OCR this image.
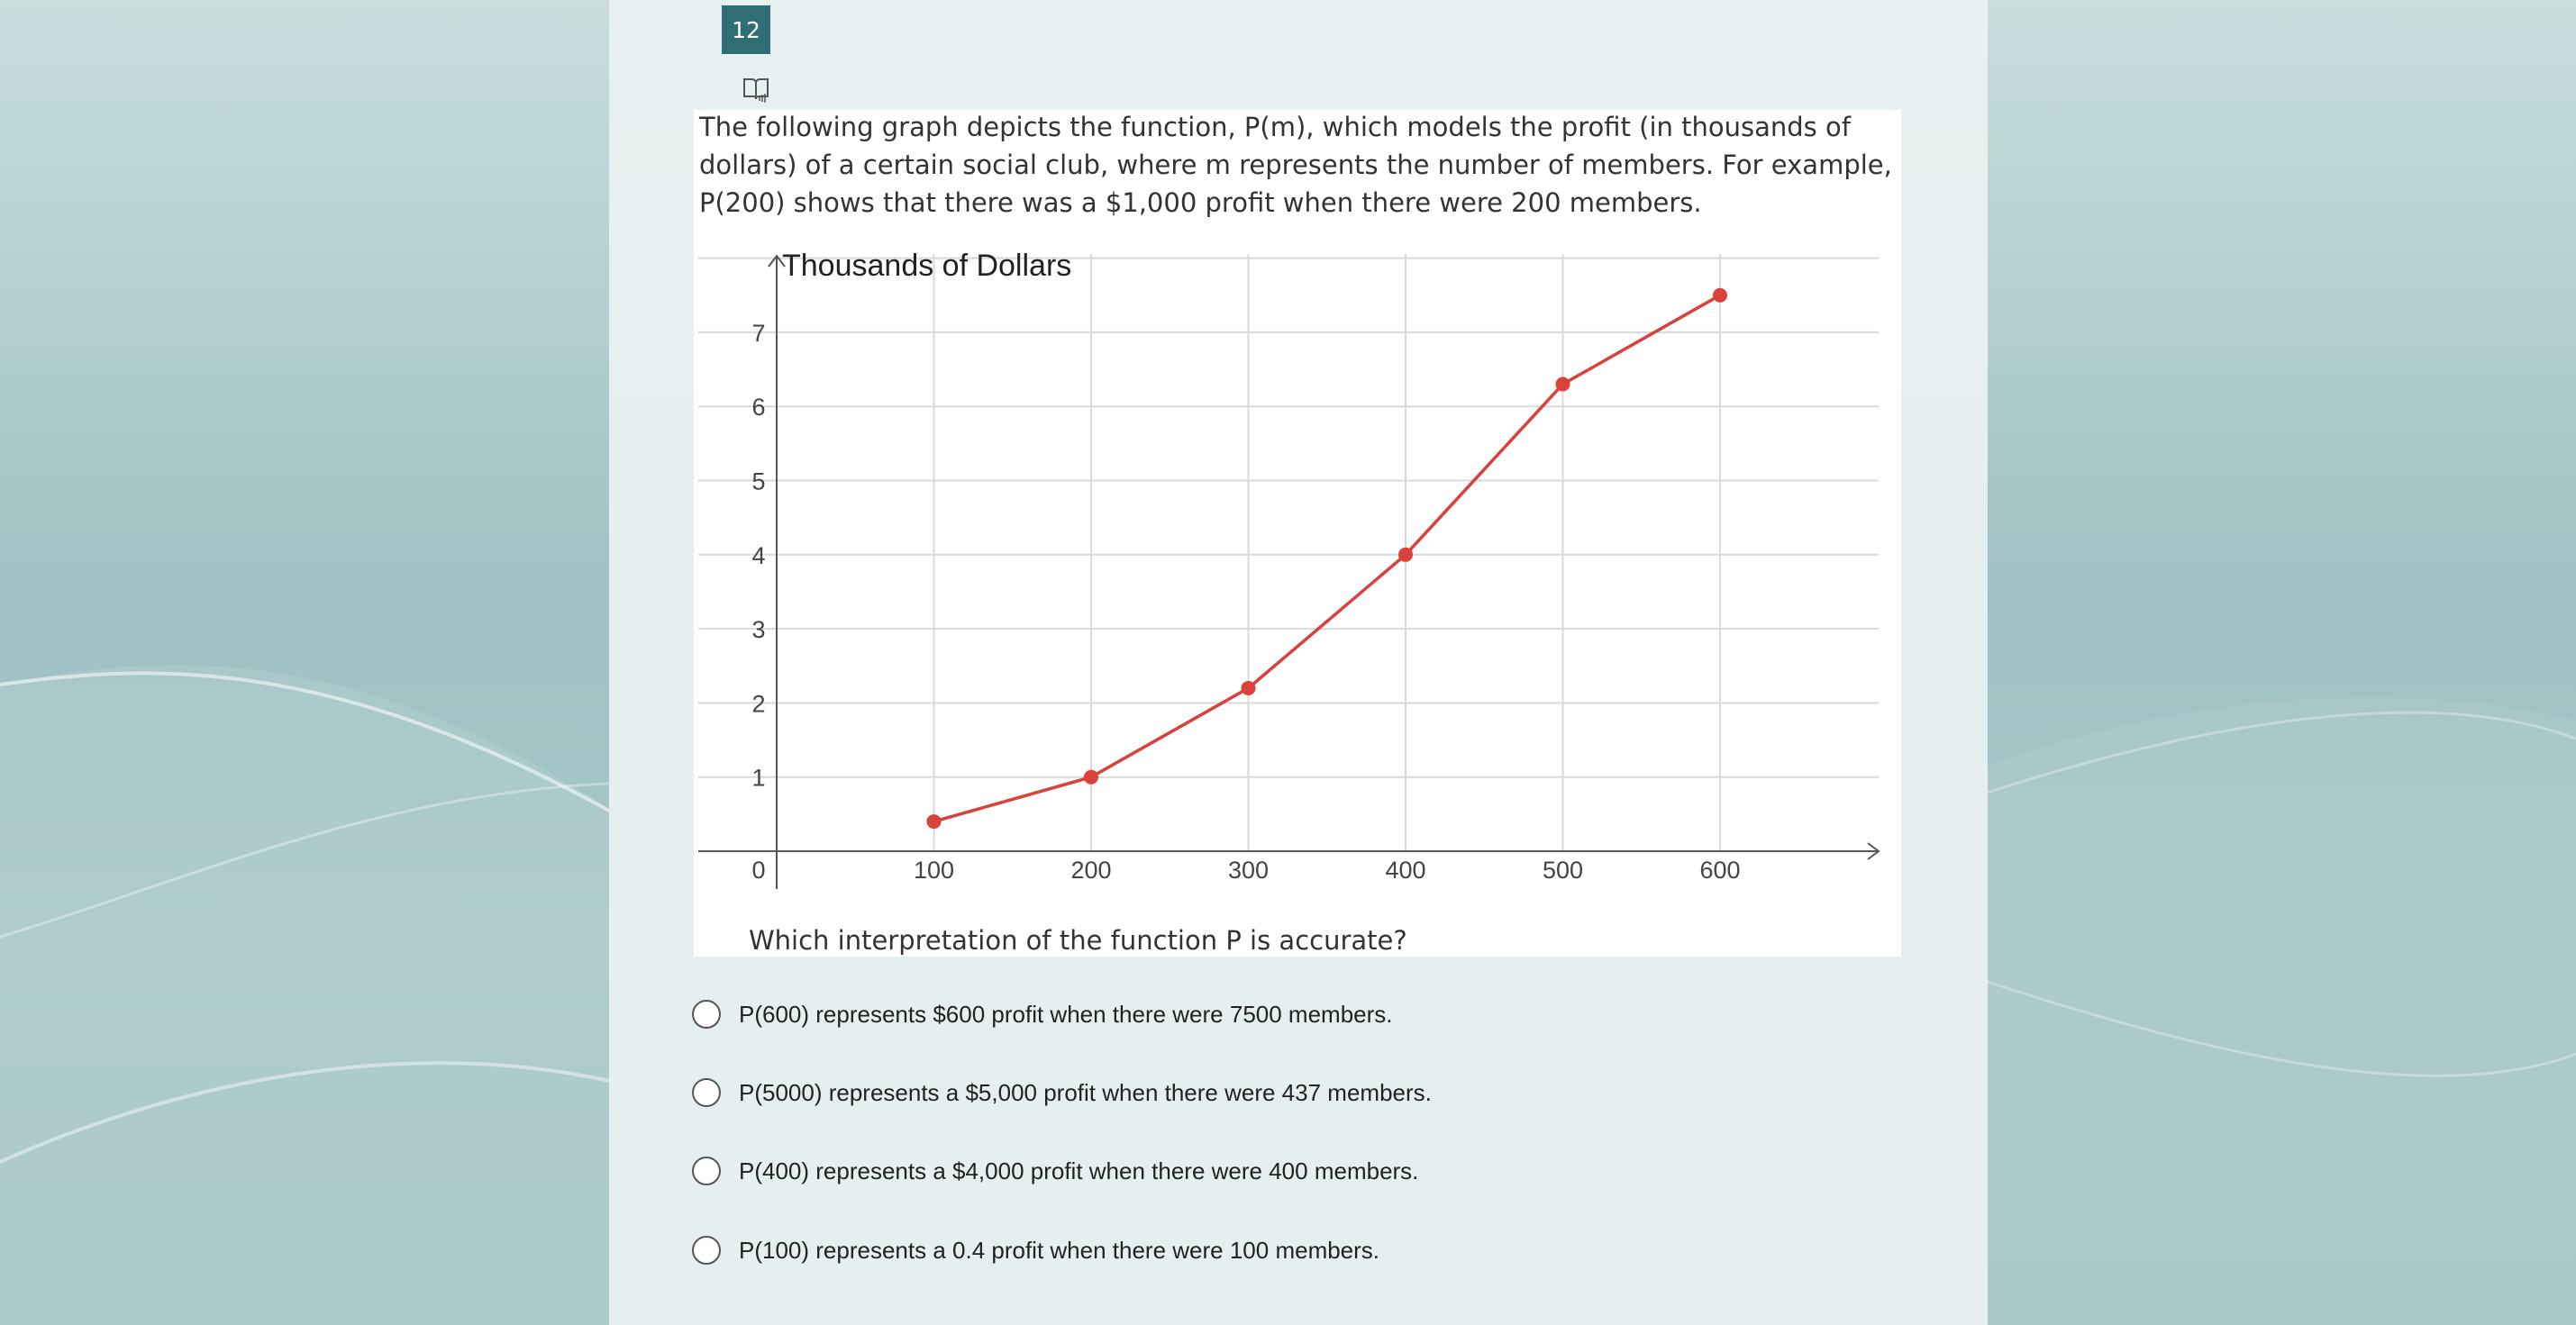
12

The following graph depicts the function, P(m), which models the profit (in thousands of dollars) of a certain social club, where m represents the number of members. For example, P(200) shows that there was a $1,000 profit when there were 200 members.

1
2
3
4
5
6
7
0	100	200	300	400	500	600
Thousands of Dollars

Which interpretation of the function P is accurate?

P(600) represents $600 profit when there were 7500 members.
P(5000) represents a $5,000 profit when there were 437 members.
P(400) represents a $4,000 profit when there were 400 members.
P(100) represents a 0.4 profit when there were 100 members.
